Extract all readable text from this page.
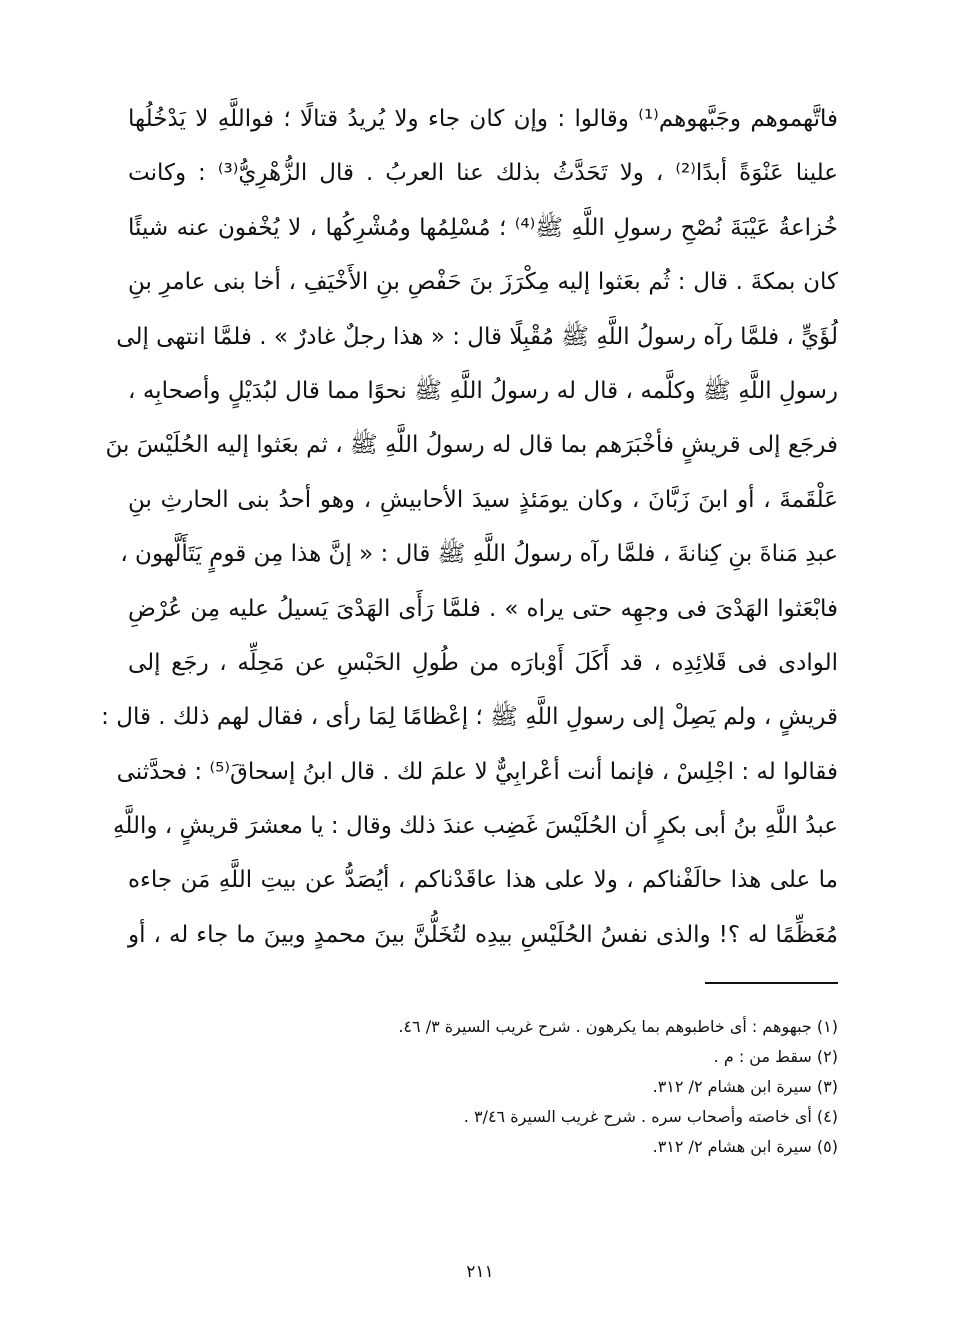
فاتَّهموهم وجَبَّهوهم⁽¹⁾ وقالوا : وإن كان جاء ولا يُريدُ قتالًا ؛ فواللَّهِ لا يَدْخُلُها
علينا عَنْوَةً أبدًا⁽²⁾ ، ولا تَحَدَّثُ بذلك عنا العربُ . قال الزُّهْرِيُّ⁽³⁾ : وكانت
خُزاعةُ عَيْبَةَ نُصْحِ رسولِ اللَّهِ ﷺ⁽⁴⁾ ؛ مُسْلِمُها ومُشْرِكُها ، لا يُخْفون عنه شيئًا
كان بمكةَ . قال : ثُم بعَثوا إليه مِكْرَزَ بنَ حَفْصِ بنِ الأَخْيَفِ ، أخا بنى عامرِ بنِ
لُؤَيٍّ ، فلمَّا رآه رسولُ اللَّهِ ﷺ مُقْبِلًا قال : « هذا رجلٌ غادرٌ » . فلمَّا انتهى إلى
رسولِ اللَّهِ ﷺ وكلَّمه ، قال له رسولُ اللَّهِ ﷺ نحوًا مما قال لبُدَيْلٍ وأصحابِه ،
فرجَع إلى قريشٍ فأخْبَرَهم بما قال له رسولُ اللَّهِ ﷺ ، ثم بعَثوا إليه الحُلَيْسَ بنَ
عَلْقَمةَ ، أو ابنَ زَبَّانَ ، وكان يومَئذٍ سيدَ الأحابيشِ ، وهو أحدُ بنى الحارثِ بنِ
عبدِ مَناةَ بنِ كِنانةَ ، فلمَّا رآه رسولُ اللَّهِ ﷺ قال : « إنَّ هذا مِن قومٍ يَتَأَلَّهون ،
فابْعَثوا الهَدْىَ فى وجهِه حتى يراه » . فلمَّا رَأَى الهَدْىَ يَسيلُ عليه مِن عُرْضِ
الوادى فى قَلائِدِه ، قد أَكَلَ أَوْبارَه من طُولِ الحَبْسِ عن مَحِلِّه ، رجَع إلى
قريشٍ ، ولم يَصِلْ إلى رسولِ اللَّهِ ﷺ ؛ إعْظامًا لِمَا رأى ، فقال لهم ذلك . قال :
فقالوا له : اجْلِسْ ، فإنما أنت أعْرابِيٌّ لا علمَ لك . قال ابنُ إسحاقَ⁽⁵⁾ : فحدَّثنى
عبدُ اللَّهِ بنُ أبى بكرٍ أن الحُلَيْسَ غَضِب عندَ ذلك وقال : يا معشرَ قريشٍ ، واللَّهِ
ما على هذا حالَفْناكم ، ولا على هذا عاقَدْناكم ، أيُصَدُّ عن بيتِ اللَّهِ مَن جاءه
مُعَظِّمًا له ؟! والذى نفسُ الحُلَيْسِ بيدِه لتُخَلُّنَّ بينَ محمدٍ وبينَ ما جاء له ، أو
(١) جبهوهم : أى خاطبوهم بما يكرهون . شرح غريب السيرة ٣/ ٤٦.
(٢) سقط من : م .
(٣) سيرة ابن هشام ٢/ ٣١٢.
(٤) أى خاصته وأصحاب سره . شرح غريب السيرة ٣/٤٦ .
(٥) سيرة ابن هشام ٢/ ٣١٢.
٢١١
